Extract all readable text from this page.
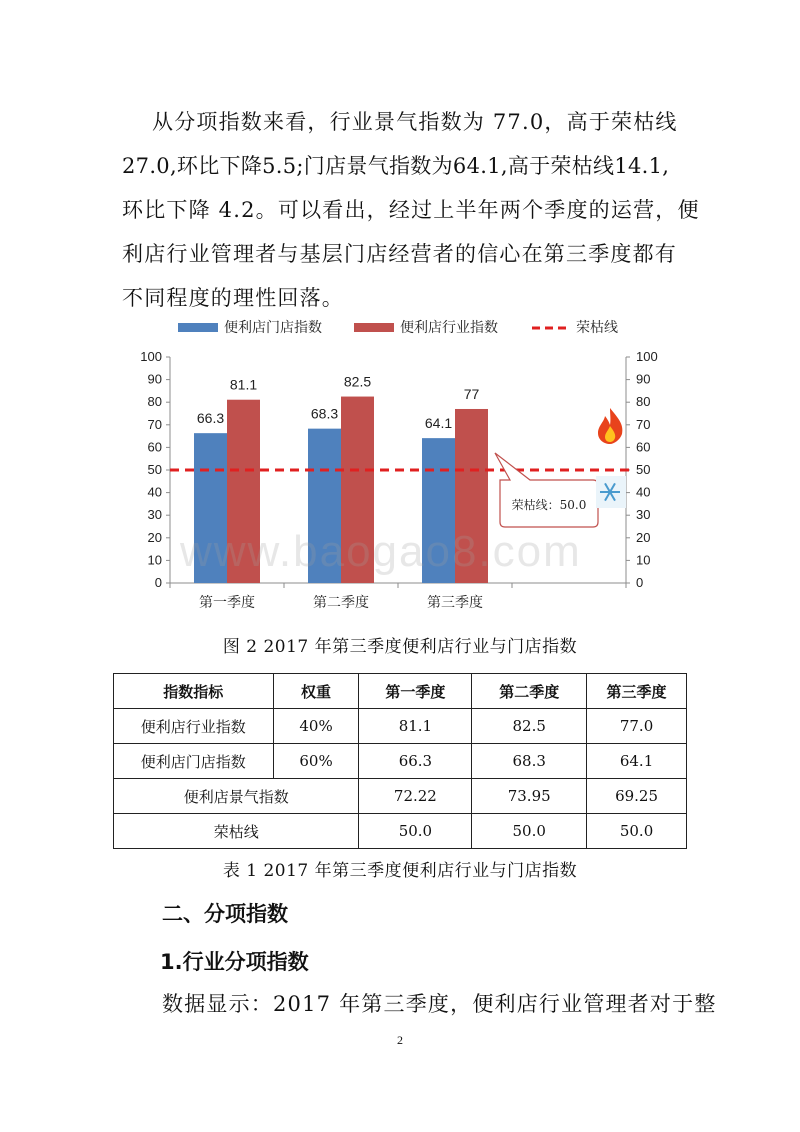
从分项指数来看，行业景气指数为 77.0，高于荣枯线

27.0,环比下降5.5;门店景气指数为64.1,高于荣枯线14.1,

环比下降 4.2。可以看出，经过上半年两个季度的运营，便

利店行业管理者与基层门店经营者的信心在第三季度都有

不同程度的理性回落。

便利店门店指数	便利店行业指数	荣枯线
0	0
10	10
20	20
30	30
40	40
50	50
60	60
70	70
80	80
90	90
100	100
第一季度	第二季度	第三季度
66.3	68.3
64.1
81.1	82.5
77
荣枯线：50.0
www.baogao8.com
图 2 2017 年第三季度便利店行业与门店指数
指数指标	权重	第一季度	第二季度	第三季度
便利店行业指数	40%	81.1	82.5	77.0
便利店门店指数	60%	66.3	68.3	64.1
便利店景气指数		72.22	73.95	69.25
荣枯线		50.0	50.0	50.0
表 1 2017 年第三季度便利店行业与门店指数
二、分项指数
1.行业分项指数
数据显示：2017 年第三季度，便利店行业管理者对于整
2
